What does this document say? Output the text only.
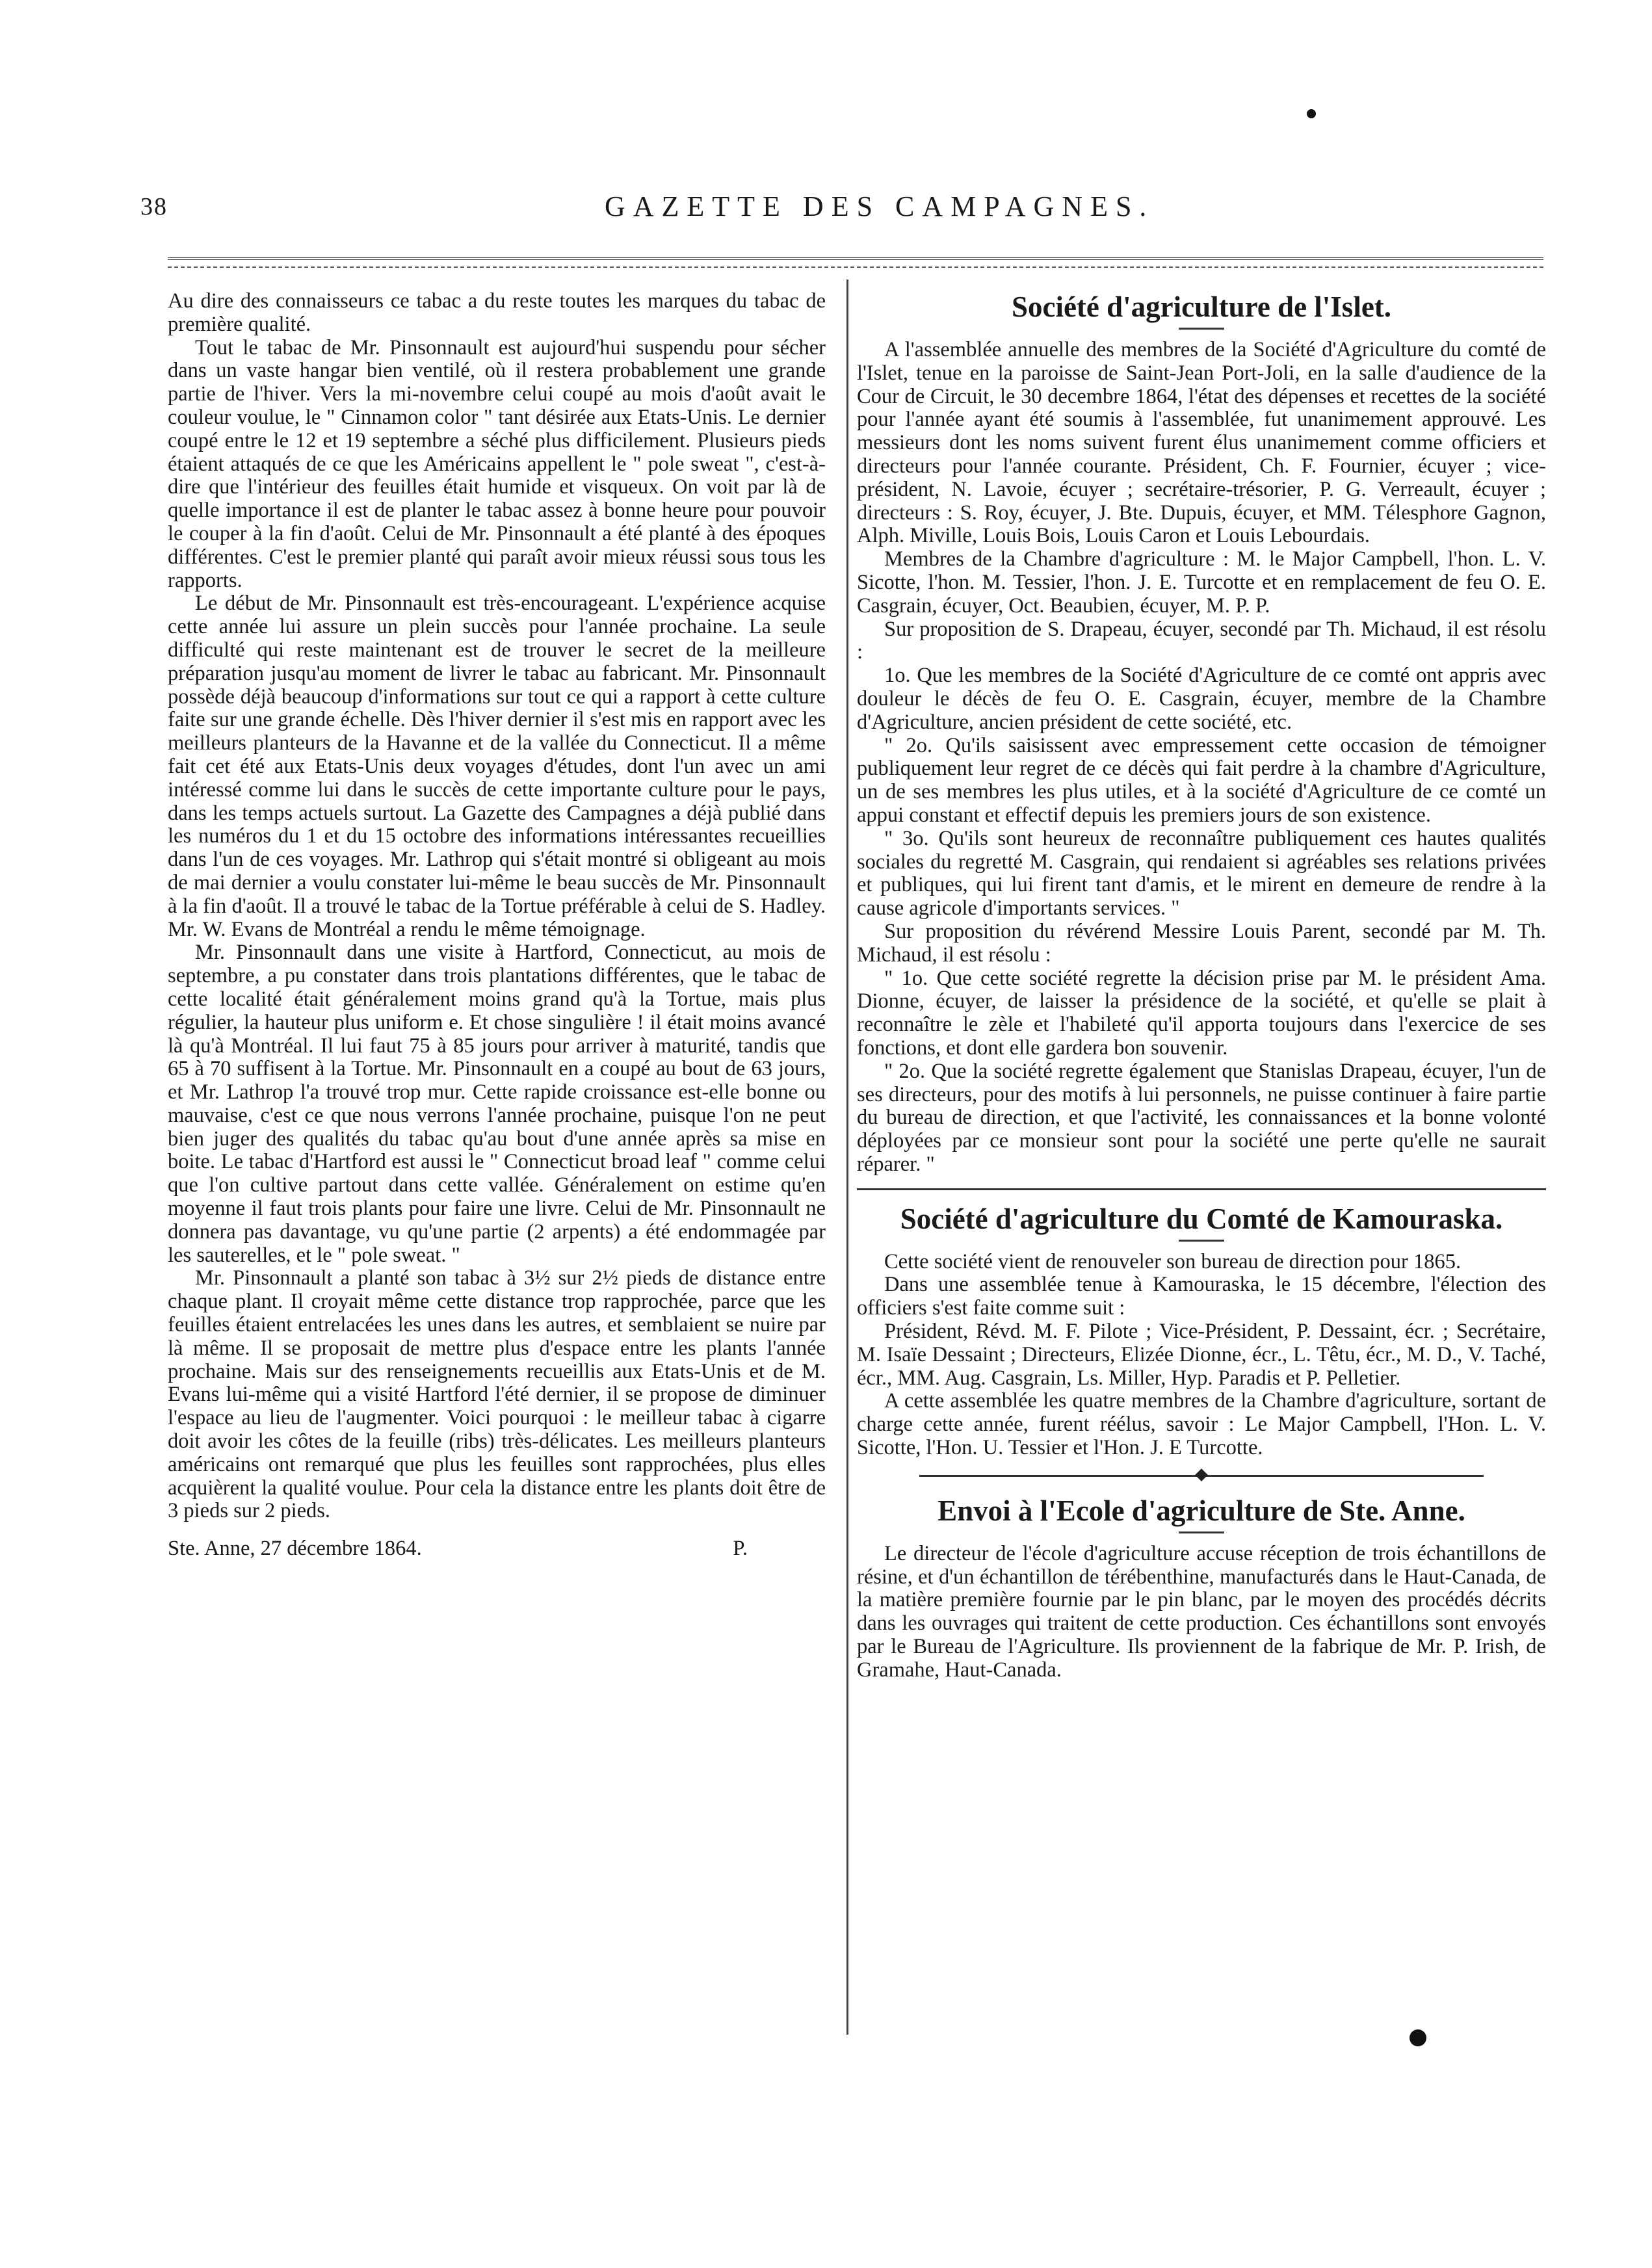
38	GAZETTE DES CAMPAGNES.

Au dire des connaisseurs ce tabac a du reste toutes les marques du tabac de première qualité.

Tout le tabac de Mr. Pinsonnault est aujourd'hui suspendu pour sécher dans un vaste hangar bien ventilé, où il restera probablement une grande partie de l'hiver. Vers la mi-novembre celui coupé au mois d'août avait le couleur voulue, le " Cinnamon color " tant désirée aux Etats-Unis. Le dernier coupé entre le 12 et 19 septembre a séché plus difficilement. Plusieurs pieds étaient attaqués de ce que les Américains appellent le " pole sweat ", c'est-à-dire que l'intérieur des feuilles était humide et visqueux. On voit par là de quelle importance il est de planter le tabac assez à bonne heure pour pouvoir le couper à la fin d'août. Celui de Mr. Pinsonnault a été planté à des époques différentes. C'est le premier planté qui paraît avoir mieux réussi sous tous les rapports.

Le début de Mr. Pinsonnault est très-encourageant. L'expérience acquise cette année lui assure un plein succès pour l'année prochaine. La seule difficulté qui reste maintenant est de trouver le secret de la meilleure préparation jusqu'au moment de livrer le tabac au fabricant. Mr. Pinsonnault possède déjà beaucoup d'informations sur tout ce qui a rapport à cette culture faite sur une grande échelle. Dès l'hiver dernier il s'est mis en rapport avec les meilleurs planteurs de la Havanne et de la vallée du Connecticut. Il a même fait cet été aux Etats-Unis deux voyages d'études, dont l'un avec un ami intéressé comme lui dans le succès de cette importante culture pour le pays, dans les temps actuels surtout. La Gazette des Campagnes a déjà publié dans les numéros du 1 et du 15 octobre des informations intéressantes recueillies dans l'un de ces voyages. Mr. Lathrop qui s'était montré si obligeant au mois de mai dernier a voulu constater lui-même le beau succès de Mr. Pinsonnault à la fin d'août. Il a trouvé le tabac de la Tortue préférable à celui de S. Hadley. Mr. W. Evans de Montréal a rendu le même témoignage.

Mr. Pinsonnault dans une visite à Hartford, Connecticut, au mois de septembre, a pu constater dans trois plantations différentes, que le tabac de cette localité était généralement moins grand qu'à la Tortue, mais plus régulier, la hauteur plus uniform e. Et chose singulière ! il était moins avancé là qu'à Montréal. Il lui faut 75 à 85 jours pour arriver à maturité, tandis que 65 à 70 suffisent à la Tortue. Mr. Pinsonnault en a coupé au bout de 63 jours, et Mr. Lathrop l'a trouvé trop mur. Cette rapide croissance est-elle bonne ou mauvaise, c'est ce que nous verrons l'année prochaine, puisque l'on ne peut bien juger des qualités du tabac qu'au bout d'une année après sa mise en boite. Le tabac d'Hartford est aussi le " Connecticut broad leaf " comme celui que l'on cultive partout dans cette vallée. Généralement on estime qu'en moyenne il faut trois plants pour faire une livre. Celui de Mr. Pinsonnault ne donnera pas davantage, vu qu'une partie (2 arpents) a été endommagée par les sauterelles, et le " pole sweat. "

Mr. Pinsonnault a planté son tabac à 3½ sur 2½ pieds de distance entre chaque plant. Il croyait même cette distance trop rapprochée, parce que les feuilles étaient entrelacées les unes dans les autres, et semblaient se nuire par là même. Il se proposait de mettre plus d'espace entre les plants l'année prochaine. Mais sur des renseignements recueillis aux Etats-Unis et de M. Evans lui-même qui a visité Hartford l'été dernier, il se propose de diminuer l'espace au lieu de l'augmenter. Voici pourquoi : le meilleur tabac à cigarre doit avoir les côtes de la feuille (ribs) très-délicates. Les meilleurs planteurs américains ont remarqué que plus les feuilles sont rapprochées, plus elles acquièrent la qualité voulue. Pour cela la distance entre les plants doit être de 3 pieds sur 2 pieds.

Ste. Anne, 27 décembre 1864.	P.
Société d'agriculture de l'Islet.

A l'assemblée annuelle des membres de la Société d'Agriculture du comté de l'Islet, tenue en la paroisse de Saint-Jean Port-Joli, en la salle d'audience de la Cour de Circuit, le 30 decembre 1864, l'état des dépenses et recettes de la société pour l'année ayant été soumis à l'assemblée, fut unanimement approuvé. Les messieurs dont les noms suivent furent élus unanimement comme officiers et directeurs pour l'année courante. Président, Ch. F. Fournier, écuyer ; vice-président, N. Lavoie, écuyer ; secrétaire-trésorier, P. G. Verreault, écuyer ; directeurs : S. Roy, écuyer, J. Bte. Dupuis, écuyer, et MM. Télesphore Gagnon, Alph. Miville, Louis Bois, Louis Caron et Louis Lebourdais.

Membres de la Chambre d'agriculture : M. le Major Campbell, l'hon. L. V. Sicotte, l'hon. M. Tessier, l'hon. J. E. Turcotte et en remplacement de feu O. E. Casgrain, écuyer, Oct. Beaubien, écuyer, M. P. P.

Sur proposition de S. Drapeau, écuyer, secondé par Th. Michaud, il est résolu :

1o. Que les membres de la Société d'Agriculture de ce comté ont appris avec douleur le décès de feu O. E. Casgrain, écuyer, membre de la Chambre d'Agriculture, ancien président de cette société, etc.

" 2o. Qu'ils saisissent avec empressement cette occasion de témoigner publiquement leur regret de ce décès qui fait perdre à la chambre d'Agriculture, un de ses membres les plus utiles, et à la société d'Agriculture de ce comté un appui constant et effectif depuis les premiers jours de son existence.

" 3o. Qu'ils sont heureux de reconnaître publiquement ces hautes qualités sociales du regretté M. Casgrain, qui rendaient si agréables ses relations privées et publiques, qui lui firent tant d'amis, et le mirent en demeure de rendre à la cause agricole d'importants services. "

Sur proposition du révérend Messire Louis Parent, secondé par M. Th. Michaud, il est résolu :

" 1o. Que cette société regrette la décision prise par M. le président Ama. Dionne, écuyer, de laisser la présidence de la société, et qu'elle se plait à reconnaître le zèle et l'habileté qu'il apporta toujours dans l'exercice de ses fonctions, et dont elle gardera bon souvenir.

" 2o. Que la société regrette également que Stanislas Drapeau, écuyer, l'un de ses directeurs, pour des motifs à lui personnels, ne puisse continuer à faire partie du bureau de direction, et que l'activité, les connaissances et la bonne volonté déployées par ce monsieur sont pour la société une perte qu'elle ne saurait réparer. "

Société d'agriculture du Comté de Kamouraska.

Cette société vient de renouveler son bureau de direction pour 1865.

Dans une assemblée tenue à Kamouraska, le 15 décembre, l'élection des officiers s'est faite comme suit :

Président, Révd. M. F. Pilote ; Vice-Président, P. Dessaint, écr. ; Secrétaire, M. Isaïe Dessaint ; Directeurs, Elizée Dionne, écr., L. Têtu, écr., M. D., V. Taché, écr., MM. Aug. Casgrain, Ls. Miller, Hyp. Paradis et P. Pelletier.

A cette assemblée les quatre membres de la Chambre d'agriculture, sortant de charge cette année, furent réélus, savoir : Le Major Campbell, l'Hon. L. V. Sicotte, l'Hon. U. Tessier et l'Hon. J. E Turcotte.

Envoi à l'Ecole d'agriculture de Ste. Anne.

Le directeur de l'école d'agriculture accuse réception de trois échantillons de résine, et d'un échantillon de térébenthine, manufacturés dans le Haut-Canada, de la matière première fournie par le pin blanc, par le moyen des procédés décrits dans les ouvrages qui traitent de cette production. Ces échantillons sont envoyés par le Bureau de l'Agriculture. Ils proviennent de la fabrique de Mr. P. Irish, de Gramahe, Haut-Canada.
